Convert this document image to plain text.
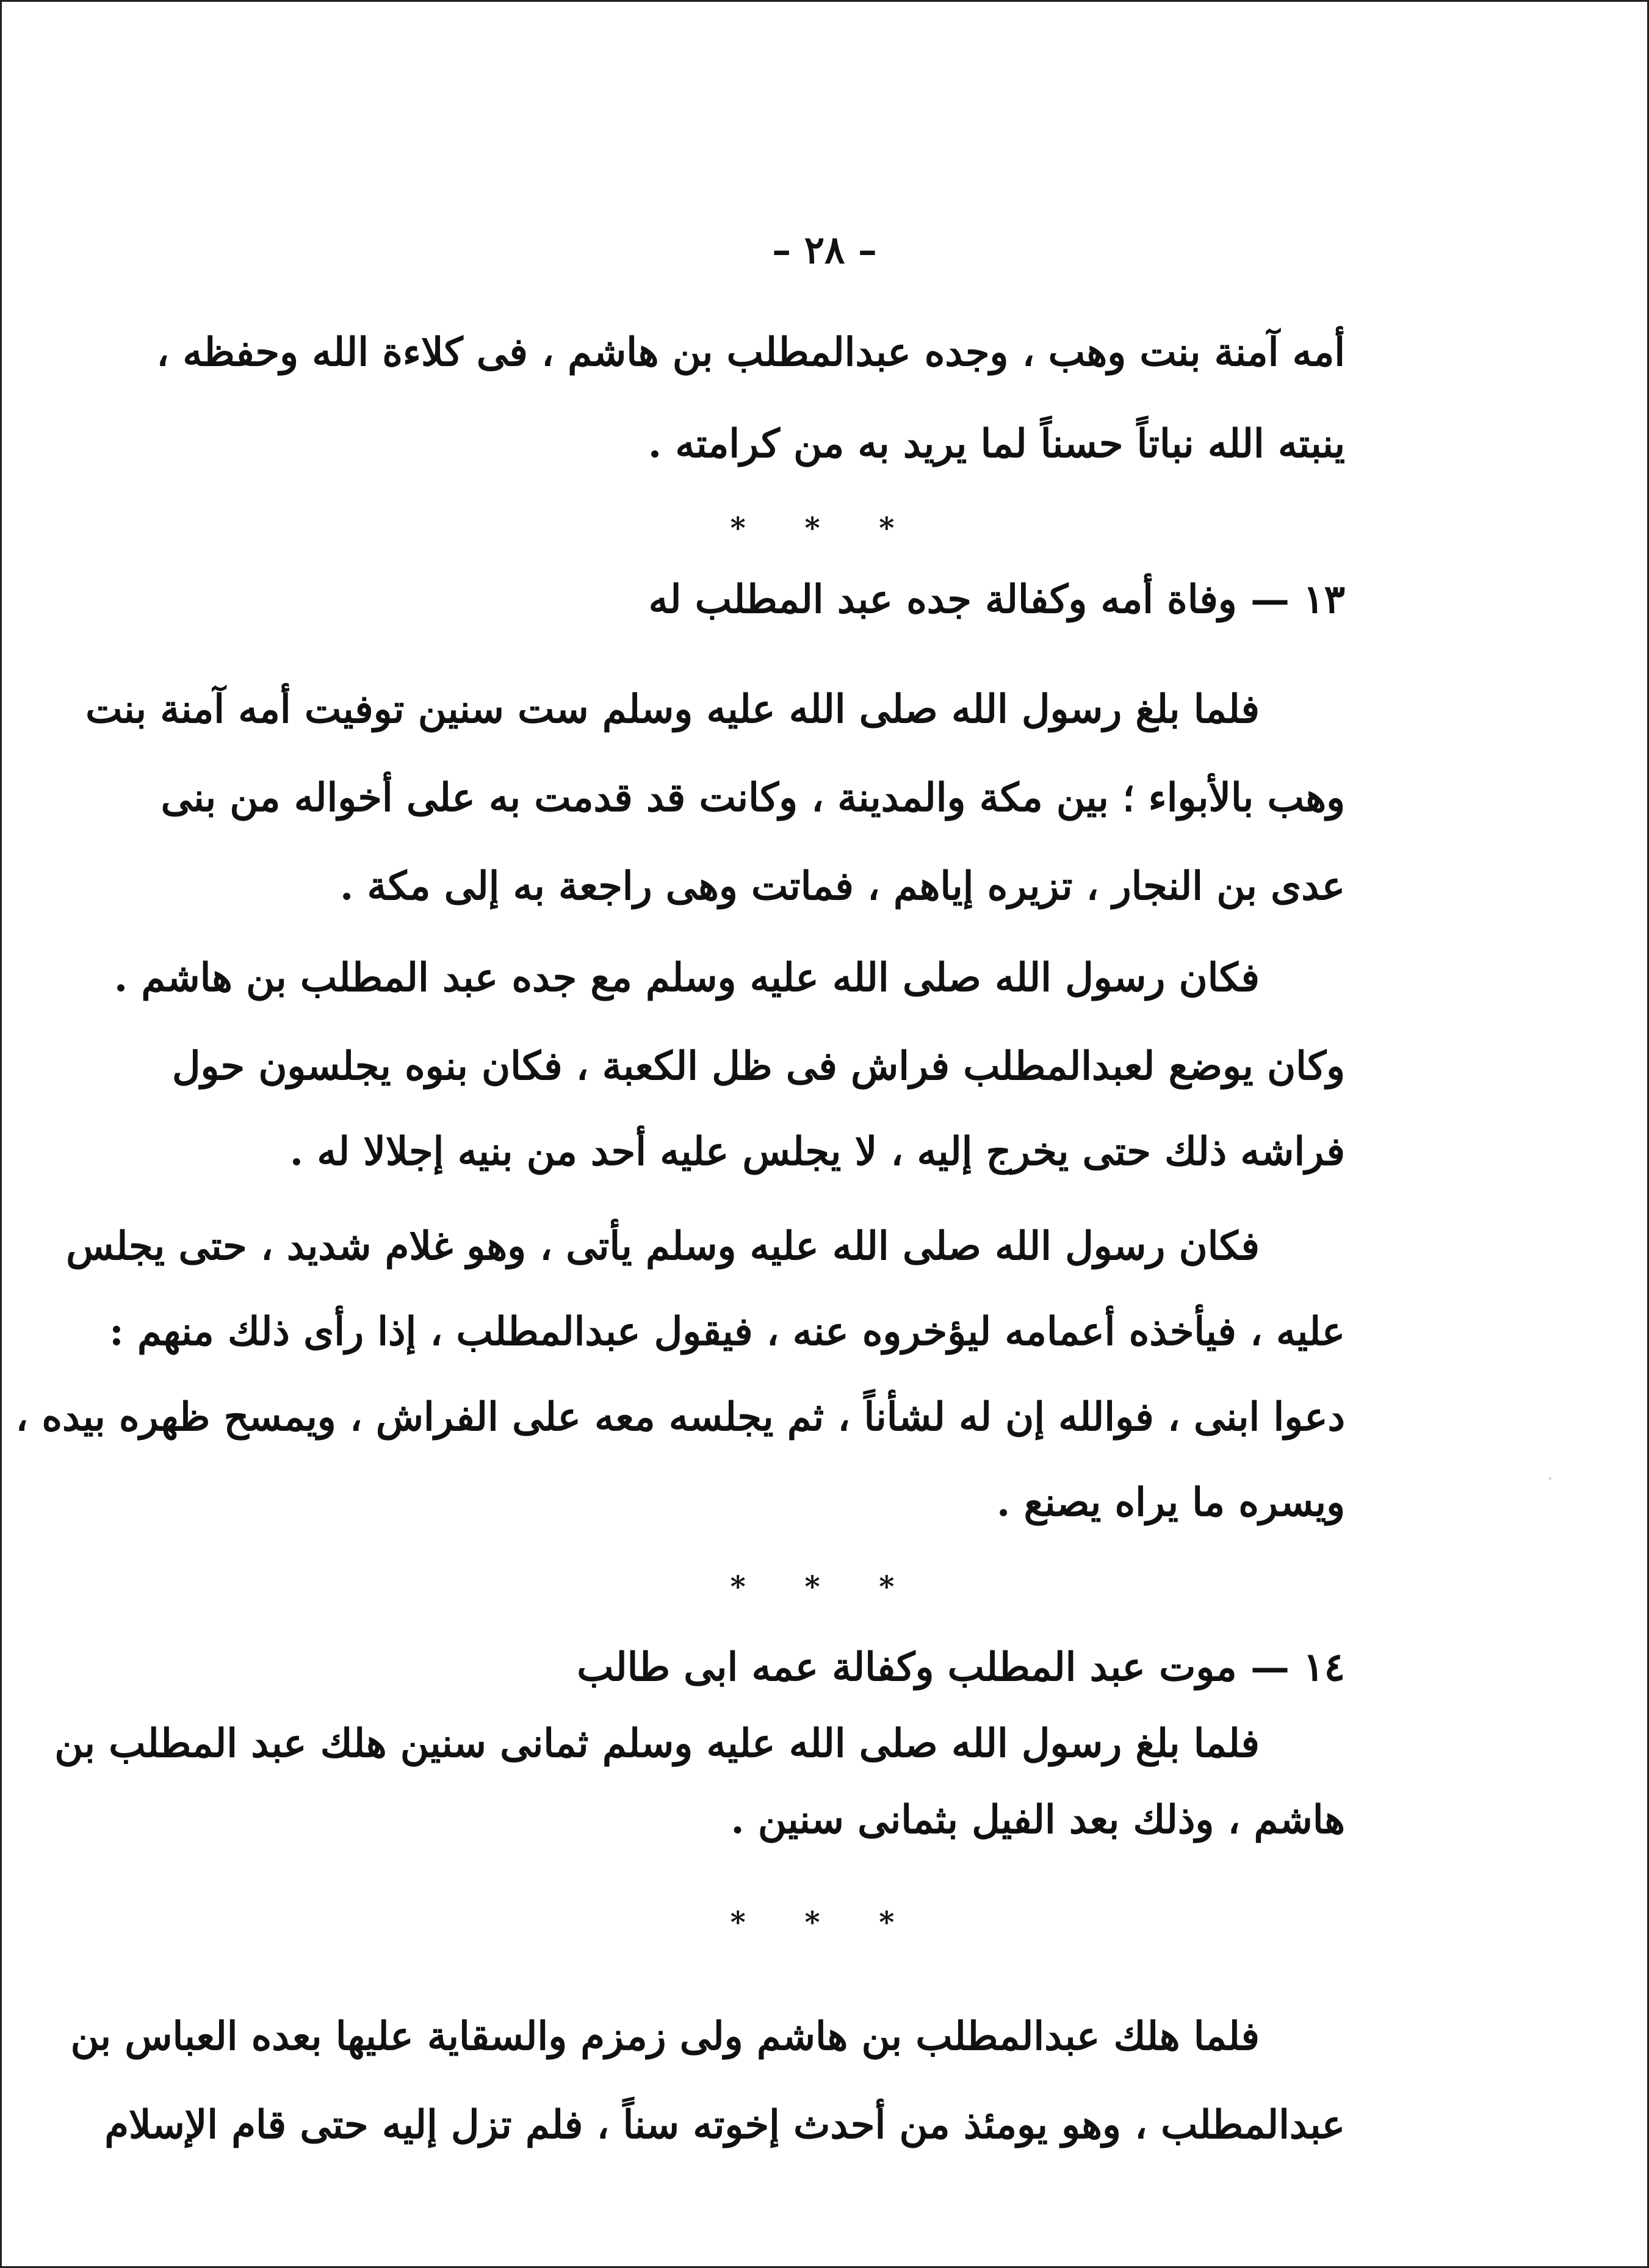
– ٢٨ –
أمه آمنة بنت وهب ، وجده عبدالمطلب بن هاشم ، فى كلاءة الله وحفظه ،
ينبته الله نباتاً حسناً لما يريد به من كرامته .
* * *
١٣ — وفاة أمه وكفالة جده عبد المطلب له
فلما بلغ رسول الله صلى الله عليه وسلم ست سنين توفيت أمه آمنة بنت
وهب بالأبواء ؛ بين مكة والمدينة ، وكانت قد قدمت به على أخواله من بنى
عدى بن النجار ، تزيره إياهم ، فماتت وهى راجعة به إلى مكة .
فكان رسول الله صلى الله عليه وسلم مع جده عبد المطلب بن هاشم .
وكان يوضع لعبدالمطلب فراش فى ظل الكعبة ، فكان بنوه يجلسون حول
فراشه ذلك حتى يخرج إليه ، لا يجلس عليه أحد من بنيه إجلالا له .
فكان رسول الله صلى الله عليه وسلم يأتى ، وهو غلام شديد ، حتى يجلس
عليه ، فيأخذه أعمامه ليؤخروه عنه ، فيقول عبدالمطلب ، إذا رأى ذلك منهم :
دعوا ابنى ، فوالله إن له لشأناً ، ثم يجلسه معه على الفراش ، ويمسح ظهره بيده ،
ويسره ما يراه يصنع .
* * *
١٤ — موت عبد المطلب وكفالة عمه ابى طالب
فلما بلغ رسول الله صلى الله عليه وسلم ثمانى سنين هلك عبد المطلب بن
هاشم ، وذلك بعد الفيل بثمانى سنين .
* * *
فلما هلك عبدالمطلب بن هاشم ولى زمزم والسقاية عليها بعده العباس بن
عبدالمطلب ، وهو يومئذ من أحدث إخوته سناً ، فلم تزل إليه حتى قام الإسلام
